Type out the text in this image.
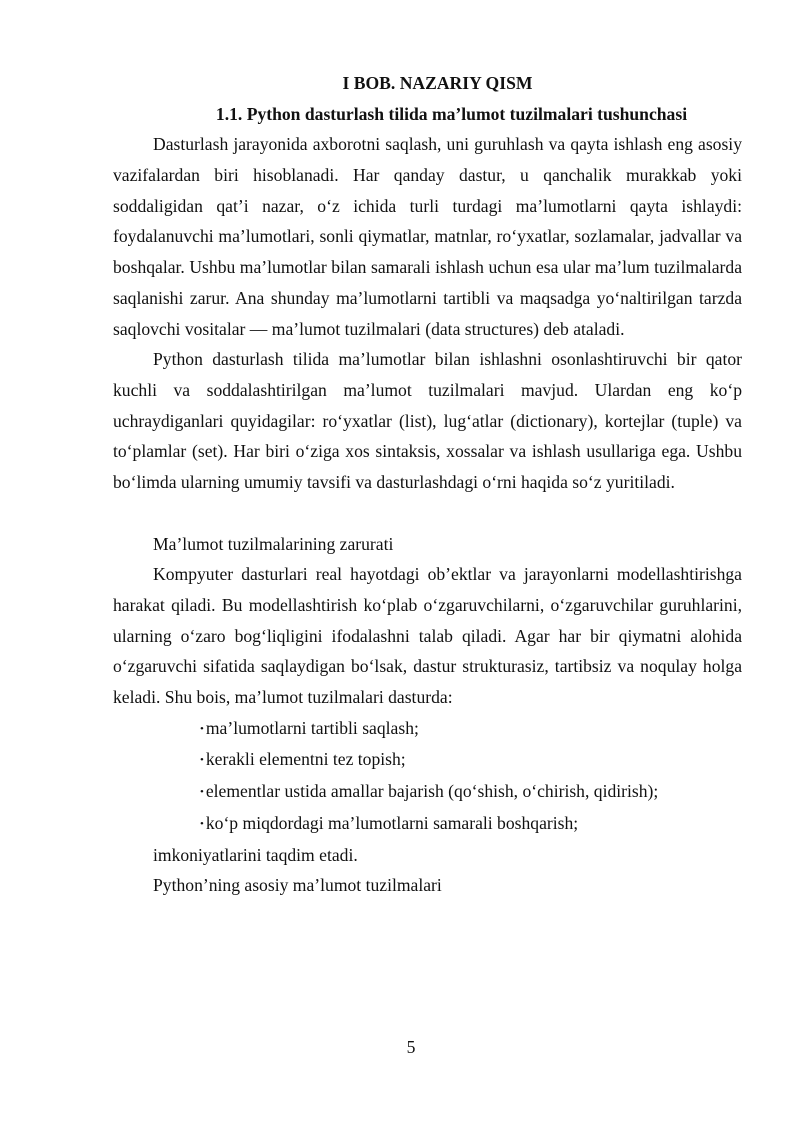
I BOB. NAZARIY QISM
1.1. Python dasturlash tilida ma’lumot tuzilmalari tushunchasi

Dasturlash jarayonida axborotni saqlash, uni guruhlash va qayta ishlash eng asosiy vazifalardan biri hisoblanadi. Har qanday dastur, u qanchalik murakkab yoki soddaligidan qat’i nazar, o‘z ichida turli turdagi ma’lumotlarni qayta ishlaydi: foydalanuvchi ma’lumotlari, sonli qiymatlar, matnlar, ro‘yxatlar, sozlamalar, jadvallar va boshqalar. Ushbu ma’lumotlar bilan samarali ishlash uchun esa ular ma’lum tuzilmalarda saqlanishi zarur. Ana shunday ma’lumotlarni tartibli va maqsadga yo‘naltirilgan tarzda saqlovchi vositalar — ma’lumot tuzilmalari (data structures) deb ataladi.

Python dasturlash tilida ma’lumotlar bilan ishlashni osonlashtiruvchi bir qator kuchli va soddalashtirilgan ma’lumot tuzilmalari mavjud. Ulardan eng ko‘p uchraydiganlari quyidagilar: ro‘yxatlar (list), lug‘atlar (dictionary), kortejlar (tuple) va to‘plamlar (set). Har biri o‘ziga xos sintaksis, xossalar va ishlash usullariga ega. Ushbu bo‘limda ularning umumiy tavsifi va dasturlashdagi o‘rni haqida so‘z yuritiladi.

Ma’lumot tuzilmalarining zarurati

Kompyuter dasturlari real hayotdagi ob’ektlar va jarayonlarni modellashtirishga harakat qiladi. Bu modellashtirish ko‘plab o‘zgaruvchilarni, o‘zgaruvchilar guruhlarini, ularning o‘zaro bog‘liqligini ifodalashni talab qiladi. Agar har bir qiymatni alohida o‘zgaruvchi sifatida saqlaydigan bo‘lsak, dastur strukturasiz, tartibsiz va noqulay holga keladi. Shu bois, ma’lumot tuzilmalari dasturda:

• ma’lumotlarni tartibli saqlash;
• kerakli elementni tez topish;
• elementlar ustida amallar bajarish (qo‘shish, o‘chirish, qidirish);
• ko‘p miqdordagi ma’lumotlarni samarali boshqarish;

imkoniyatlarini taqdim etadi.

Python’ning asosiy ma’lumot tuzilmalari

5
